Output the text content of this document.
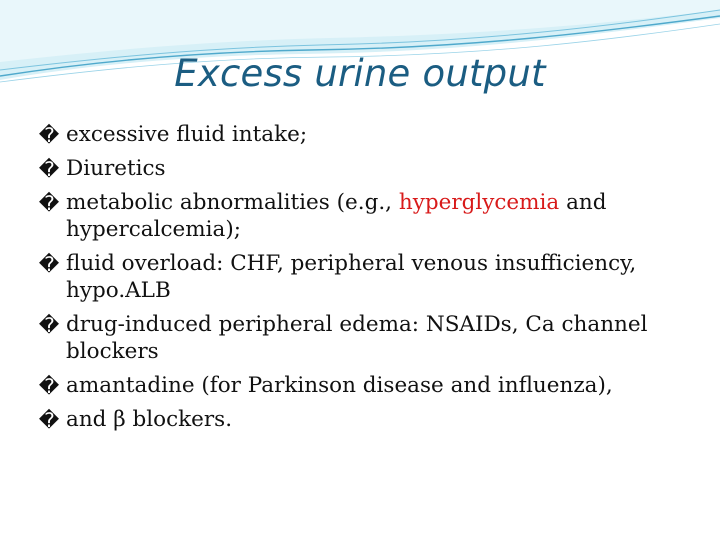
Excess urine output
� excessive fluid intake;
� Diuretics
� metabolic abnormalities (e.g., hyperglycemia and hypercalcemia);
� fluid overload: CHF, peripheral venous insufficiency, hypo.ALB
� drug-induced peripheral edema: NSAIDs, Ca channel blockers
� amantadine (for Parkinson disease and influenza),
� and β blockers.
